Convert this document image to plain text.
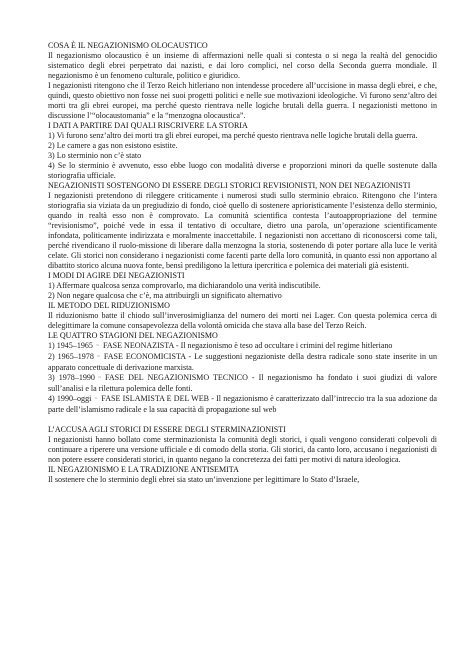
COSA È IL NEGAZIONISMO OLOCAUSTICO
Il negazionismo olocaustico è un insieme di affermazioni nelle quali si contesta o si nega la realtà del genocidio sistematico degli ebrei perpetrato dai nazisti, e dai loro complici, nel corso della Seconda guerra mondiale. Il negazionismo è un fenomeno culturale, politico e giuridico.
I negazionisti ritengono che il Terzo Reich hitleriano non intendesse procedere all’uccisione in massa degli ebrei, e che, quindi, questo obiettivo non fosse nei suoi progetti politici e nelle sue motivazioni ideologiche. Vi furono senz’altro dei morti tra gli ebrei europei, ma perché questo rientrava nelle logiche brutali della guerra. I negazionisti mettono in discussione l’“olocaustomania” e la “menzogna olocaustica”.
I DATI A PARTIRE DAI QUALI RISCRIVERE LA STORIA
1) Vi furono senz’altro dei morti tra gli ebrei europei, ma perché questo rientrava nelle logiche brutali della guerra.
2) Le camere a gas non esistono esistite.
3) Lo sterminio non c’è stato
4) Se lo sterminio è avvenuto, esso ebbe luogo con modalità diverse e proporzioni minori da quelle sostenute dalla storiografia ufficiale.
NEGAZIONISTI SOSTENGONO DI ESSERE DEGLI STORICI REVISIONISTI, NON DEI NEGAZIONISTI
I negazionisti pretendono di rileggere criticamente i numerosi studi sullo sterminio ebraico. Ritengono che l’intera storiografia sia viziata da un pregiudizio di fondo, cioè quello di sostenere aprioristicamente l’esistenza dello sterminio, quando in realtà esso non è comprovato. La comunità scientifica contesta l’autoappropriazione del termine “revisionismo”, poiché vede in essa il tentativo di occultare, dietro una parola, un’operazione scientificamente infondata, politicamente indirizzata e moralmente inaccettabile. I negazionisti non accettano di riconoscersi come tali, perché rivendicano il ruolo-missione di liberare dalla menzogna la storia, sostenendo di poter portare alla luce le verità celate. Gli storici non considerano i negazionisti come facenti parte della loro comunità, in quanto essi non apportano al dibattito storico alcuna nuova fonte, bensì prediligono la lettura ipercritica e polemica dei materiali già esistenti.
I MODI DI AGIRE DEI NEGAZIONISTI
1) Affermare qualcosa senza comprovarlo, ma dichiarandolo una verità indiscutibile.
2) Non negare qualcosa che c’è, ma attribuirgli un significato alternativo
IL METODO DEL RIDUZIONISMO
Il riduzionismo batte il chiodo sull’inverosimiglianza del numero dei morti nei Lager. Con questa polemica cerca di delegittimare la comune consapevolezza della volontà omicida che stava alla base del Terzo Reich.
LE QUATTRO STAGIONI DEL NEGAZIONISMO
1) 1945–1965 ⸧ FASE NEONAZISTA - Il negazionismo è teso ad occultare i crimini del regime hitleriano
2) 1965–1978 ⸧ FASE ECONOMICISTA - Le suggestioni negazioniste della destra radicale sono state inserite in un apparato concettuale di derivazione marxista.
3) 1978–1990 ⸧ FASE DEL NEGAZIONISMO TECNICO - Il negazionismo ha fondato i suoi giudizi di valore sull’analisi e la rilettura polemica delle fonti.
4) 1990–oggi ⸧ FASE ISLAMISTA E DEL WEB - Il negazionismo è caratterizzato dall’intreccio tra la sua adozione da parte dell’islamismo radicale e la sua capacità di propagazione sul web
L’ACCUSA AGLI STORICI DI ESSERE DEGLI STERMINAZIONISTI
I negazionisti hanno bollato come sterminazionista la comunità degli storici, i quali vengono considerati colpevoli di continuare a riperere una versione ufficiale e di comodo della storia. Gli storici, da canto loro, accusano i negazionisti di non potere essere considerati storici, in quanto negano la concretezza dei fatti per motivi di natura ideologica.
IL NEGAZIONISMO E LA TRADIZIONE ANTISEMITA
Il sostenere che lo sterminio degli ebrei sia stato un’invenzione per legittimare lo Stato d’Israele,
